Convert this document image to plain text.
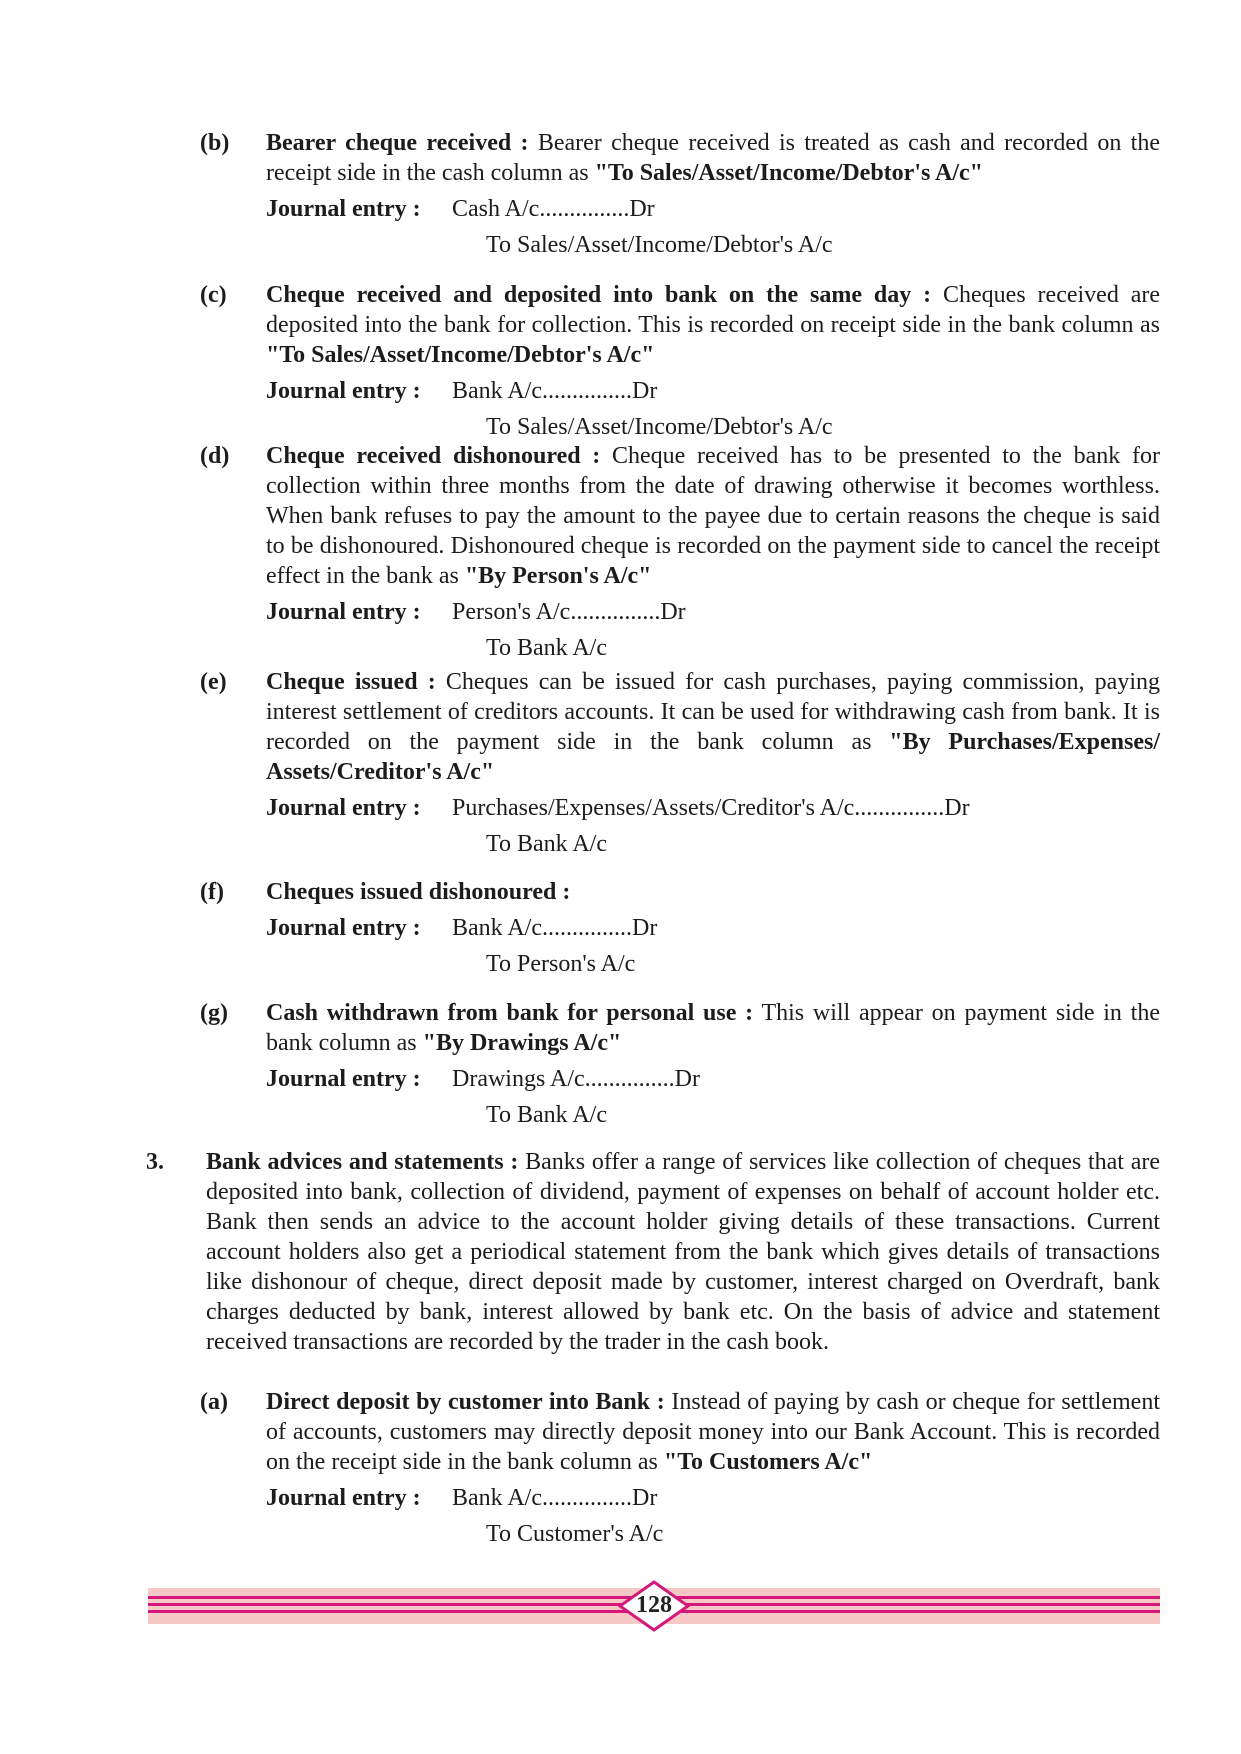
(b) Bearer cheque received : Bearer cheque received is treated as cash and recorded on the receipt side in the cash column as "To Sales/Asset/Income/Debtor's A/c"
Journal entry : Cash A/c...............Dr
To Sales/Asset/Income/Debtor's A/c
(c) Cheque received and deposited into bank on the same day : Cheques received are deposited into the bank for collection. This is recorded on receipt side in the bank column as "To Sales/Asset/Income/Debtor's A/c"
Journal entry : Bank A/c...............Dr
To Sales/Asset/Income/Debtor's A/c
(d) Cheque received dishonoured : Cheque received has to be presented to the bank for collection within three months from the date of drawing otherwise it becomes worthless. When bank refuses to pay the amount to the payee due to certain reasons the cheque is said to be dishonoured. Dishonoured cheque is recorded on the payment side to cancel the receipt effect in the bank as "By Person's A/c"
Journal entry : Person's A/c...............Dr
To Bank A/c
(e) Cheque issued : Cheques can be issued for cash purchases, paying commission, paying interest settlement of creditors accounts. It can be used for withdrawing cash from bank. It is recorded on the payment side in the bank column as "By Purchases/Expenses/ Assets/Creditor's A/c"
Journal entry : Purchases/Expenses/Assets/Creditor's A/c...............Dr
To Bank A/c
(f) Cheques issued dishonoured :
Journal entry : Bank A/c...............Dr
To Person's A/c
(g) Cash withdrawn from bank for personal use : This will appear on payment side in the bank column as "By Drawings A/c"
Journal entry : Drawings A/c...............Dr
To Bank A/c
3. Bank advices and statements : Banks offer a range of services like collection of cheques that are deposited into bank, collection of dividend, payment of expenses on behalf of account holder etc. Bank then sends an advice to the account holder giving details of these transactions. Current account holders also get a periodical statement from the bank which gives details of transactions like dishonour of cheque, direct deposit made by customer, interest charged on Overdraft, bank charges deducted by bank, interest allowed by bank etc. On the basis of advice and statement received transactions are recorded by the trader in the cash book.
(a) Direct deposit by customer into Bank : Instead of paying by cash or cheque for settlement of accounts, customers may directly deposit money into our Bank Account. This is recorded on the receipt side in the bank column as "To Customers A/c"
Journal entry : Bank A/c...............Dr
To Customer's A/c
128
